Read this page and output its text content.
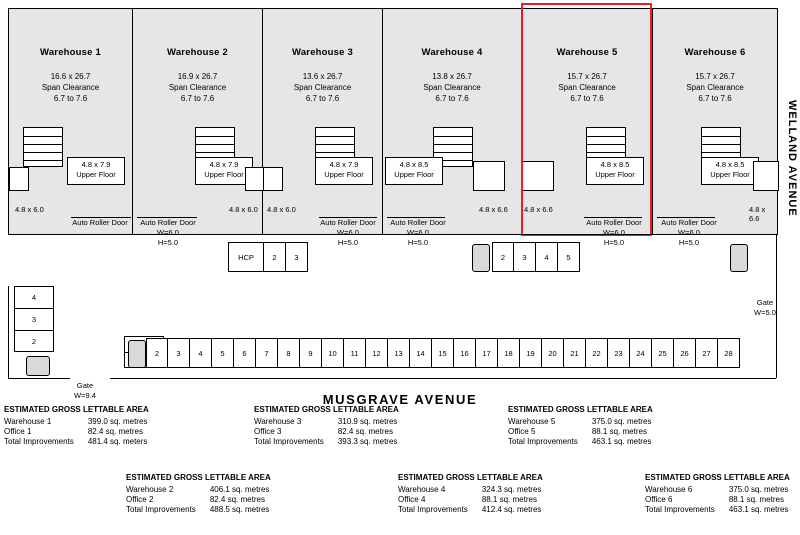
Warehouse 1
16.6 x 26.7
Span Clearance
6.7 to 7.6
4.8 x 7.9
Upper Floor
4.8 x 6.0
Auto Roller Door
Warehouse 2
16.9 x 26.7
Span Clearance
6.7 to 7.6
4.8 x 7.9
Upper Floor
4.8 x 6.0
Auto Roller Door
W=6.0
H=5.0
Warehouse 3
13.6 x 26.7
Span Clearance
6.7 to 7.6
4.8 x 7.9
Upper Floor
4.8 x 6.0
Auto Roller Door
W=6.0
H=5.0
Warehouse 4
13.8 x 26.7
Span Clearance
6.7 to 7.6
4.8 x 8.5
Upper Floor
4.8 x 6.6
Auto Roller Door
W=6.0
H=5.0
Warehouse 5
15.7 x 26.7
Span Clearance
6.7 to 7.6
4.8 x 8.5
Upper Floor
4.8 x 6.6
Auto Roller Door
W=6.0
H=5.0
Warehouse 6
15.7 x 26.7
Span Clearance
6.7 to 7.6
4.8 x 8.5
Upper Floor
4.8 x 6.6
Auto Roller Door
W=6.0
H=5.0
WELLAND AVENUE
HCP	2	3	2	3	4	5
4
3
2
Gate
W=9.4
Gate
W=5.0
2	3	4	5	6	7	8	9	10	11	12	13	14	15	16	17	18	19	20	21	22	23	24	25	26	27	28
MUSGRAVE AVENUE
ESTIMATED GROSS LETTABLE AREA
Warehouse 1	399.0 sq. metres
Office 1	82.4 sq. metres
Total Improvements	481.4 sq. meters
ESTIMATED GROSS LETTABLE AREA
Warehouse 3	310.9 sq. metres
Office 3	82.4 sq. metres
Total Improvements	393.3 sq. metres
ESTIMATED GROSS LETTABLE AREA
Warehouse 5	375.0 sq. metres
Office 5	88.1 sq. metres
Total Improvements	463.1 sq. metres
ESTIMATED GROSS LETTABLE AREA
Warehouse 2	406.1 sq. metres
Office 2	82.4 sq. metres
Total Improvements	488.5 sq. metres
ESTIMATED GROSS LETTABLE AREA
Warehouse 4	324.3 sq. metres
Office 4	88.1 sq. metres
Total Improvements	412.4 sq. metres
ESTIMATED GROSS LETTABLE AREA
Warehouse 6	375.0 sq. metres
Office 6	88.1 sq. metres
Total Improvements	463.1 sq. metres
